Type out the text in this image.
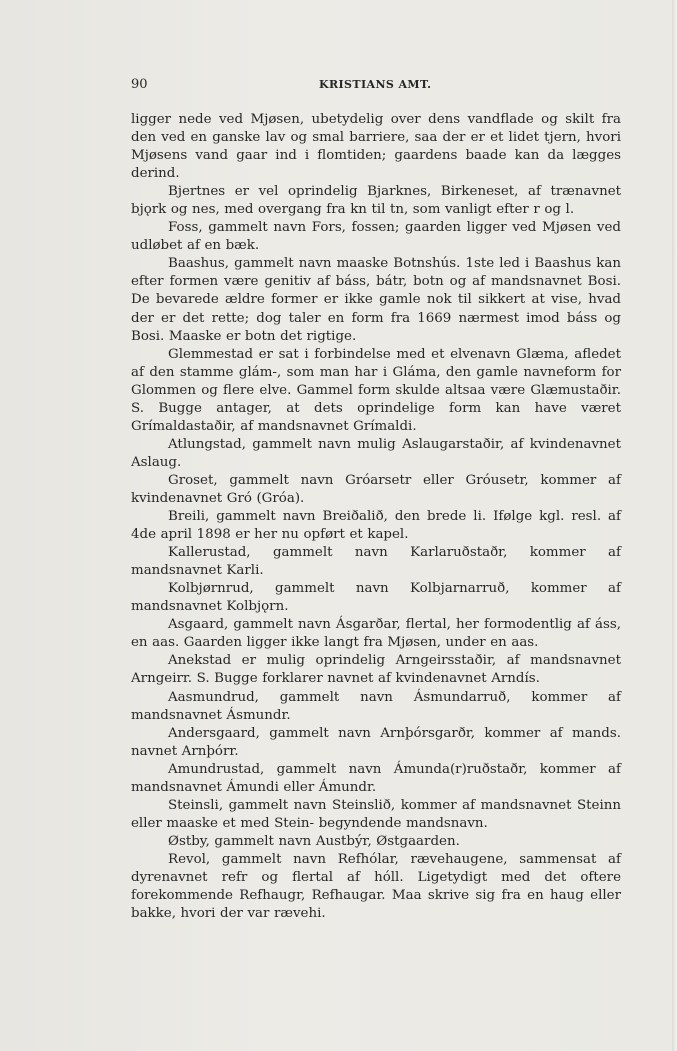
90	KRISTIANS AMT.

ligger nede ved Mjøsen, ubetydelig over dens vandflade og skilt fra den ved en ganske lav og smal barriere, saa der er et lidet tjern, hvori Mjøsens vand gaar ind i flomtiden; gaardens baade kan da lægges derind.

Bjertnes er vel oprindelig Bjarknes, Birkeneset, af trænavnet bjǫrk og nes, med overgang fra kn til tn, som vanligt efter r og l.

Foss, gammelt navn Fors, fossen; gaarden ligger ved Mjøsen ved udløbet af en bæk.

Baashus, gammelt navn maaske Botnshús. 1ste led i Baashus kan efter formen være genitiv af báss, bátr, botn og af mandsnavnet Bosi. De bevarede ældre former er ikke gamle nok til sikkert at vise, hvad der er det rette; dog taler en form fra 1669 nærmest imod báss og Bosi. Maaske er botn det rigtige.

Glemmestad er sat i forbindelse med et elvenavn Glæma, afledet af den stamme glám-, som man har i Gláma, den gamle navneform for Glommen og flere elve. Gammel form skulde altsaa være Glæmustaðir. S. Bugge antager, at dets oprindelige form kan have været Grímaldastaðir, af mandsnavnet Grímaldi.

Atlungstad, gammelt navn mulig Aslaugarstaðir, af kvindenavnet Aslaug.

Groset, gammelt navn Gróarsetr eller Gróusetr, kommer af kvindenavnet Gró (Gróa).

Breili, gammelt navn Breiðalið, den brede li. Ifølge kgl. resl. af 4de april 1898 er her nu opført et kapel.

Kallerustad, gammelt navn Karlaruðstaðr, kommer af mandsnavnet Karli.

Kolbjørnrud, gammelt navn Kolbjarnarruð, kommer af mandsnavnet Kolbjǫrn.

Asgaard, gammelt navn Ásgarðar, flertal, her formodentlig af áss, en aas. Gaarden ligger ikke langt fra Mjøsen, under en aas.

Anekstad er mulig oprindelig Arngeirsstaðir, af mandsnavnet Arngeirr. S. Bugge forklarer navnet af kvindenavnet Arndís.

Aasmundrud, gammelt navn Ásmundarruð, kommer af mandsnavnet Ásmundr.

Andersgaard, gammelt navn Arnþórsgarðr, kommer af mands. navnet Arnþórr.

Amundrustad, gammelt navn Ámunda(r)ruðstaðr, kommer af mandsnavnet Ámundi eller Ámundr.

Steinsli, gammelt navn Steinslið, kommer af mandsnavnet Steinn eller maaske et med Stein- begyndende mandsnavn.

Østby, gammelt navn Austbýr, Østgaarden.

Revol, gammelt navn Refhólar, rævehaugene, sammensat af dyrenavnet refr og flertal af hóll. Ligetydigt med det oftere forekommende Refhaugr, Refhaugar. Maa skrive sig fra en haug eller bakke, hvori der var rævehi.
